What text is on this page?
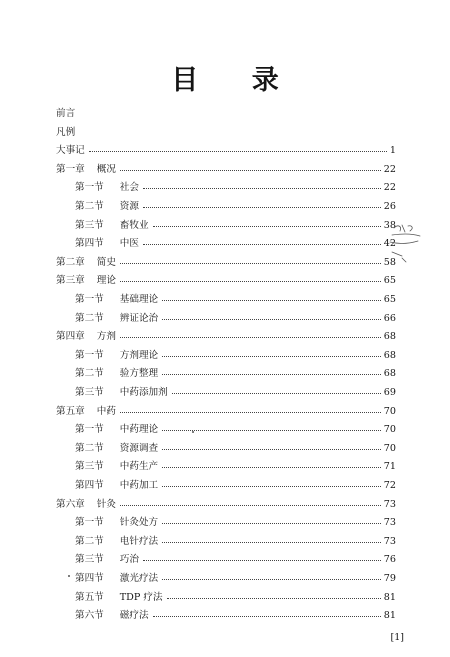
目 录
前言
凡例
大事记	1
第一章 概况	22
第一节 社会	22
第二节 资源	26
第三节 畜牧业	38
第四节 中医	42
第二章 简史	58
第三章 理论	65
第一节 基础理论	65
第二节 辨证论治	66
第四章 方剂	68
第一节 方剂理论	68
第二节 验方整理	68
第三节 中药添加剂	69
第五章 中药	70
第一节 中药理论	70
第二节 资源调查	70
第三节 中药生产	71
第四节 中药加工	72
第六章 针灸	73
第一节 针灸处方	73
第二节 电针疗法	73
第三节 巧治	76
第四节 激光疗法	79
第五节 TDP 疗法	81
第六节 磁疗法	81
[1]
